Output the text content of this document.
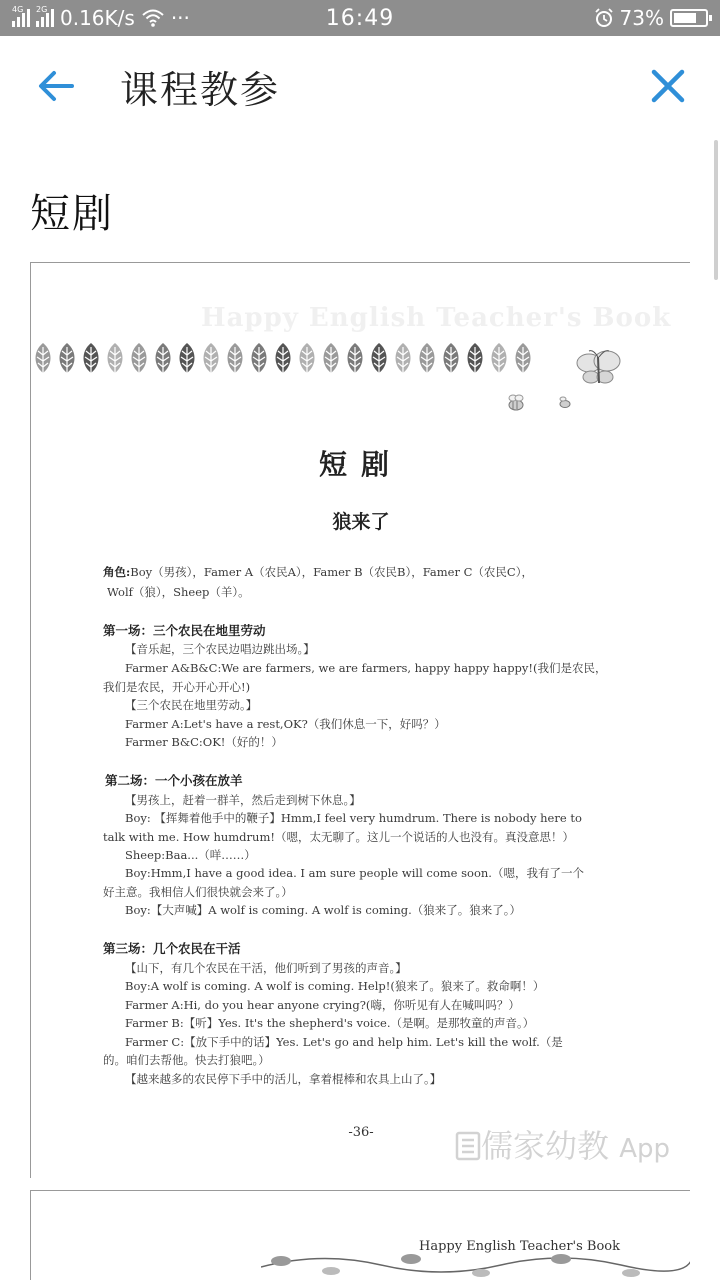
4G 2G 0.16K/s ···	16:49	73%
课程教参
短剧
Happy English Teacher's Book
短剧
狼来了
角色:Boy（男孩），Famer A（农民A），Famer B（农民B），Famer C（农民C），
Wolf（狼），Sheep（羊）。
第一场：三个农民在地里劳动
【音乐起，三个农民边唱边跳出场。】
Farmer A&B&C:We are farmers, we are farmers, happy happy happy!(我们是农民，
我们是农民，开心开心开心!)
【三个农民在地里劳动。】
Farmer A:Let's have a rest,OK?（我们休息一下，好吗？）
Farmer B&C:OK!（好的！）
第二场：一个小孩在放羊
【男孩上，赶着一群羊，然后走到树下休息。】
Boy: 【挥舞着他手中的鞭子】Hmm,I feel very humdrum. There is nobody here to
talk with me. How humdrum!（嗯，太无聊了。这儿一个说话的人也没有。真没意思！）
Sheep:Baa...（咩……）
Boy:Hmm,I have a good idea. I am sure people will come soon.（嗯，我有了一个
好主意。我相信人们很快就会来了。）
Boy:【大声喊】A wolf is coming. A wolf is coming.（狼来了。狼来了。）
第三场：几个农民在干活
【山下，有几个农民在干活，他们听到了男孩的声音。】
Boy:A wolf is coming. A wolf is coming. Help!(狼来了。狼来了。救命啊！）
Farmer A:Hi, do you hear anyone crying?(嗨，你听见有人在喊叫吗？）
Farmer B:【听】Yes. It's the shepherd's voice.（是啊。是那牧童的声音。）
Farmer C:【放下手中的话】Yes. Let's go and help him. Let's kill the wolf.（是
的。咱们去帮他。快去打狼吧。）
【越来越多的农民停下手中的活儿，拿着棍棒和农具上山了。】
-36-	儒家幼教 App
Happy English Teacher's Book
